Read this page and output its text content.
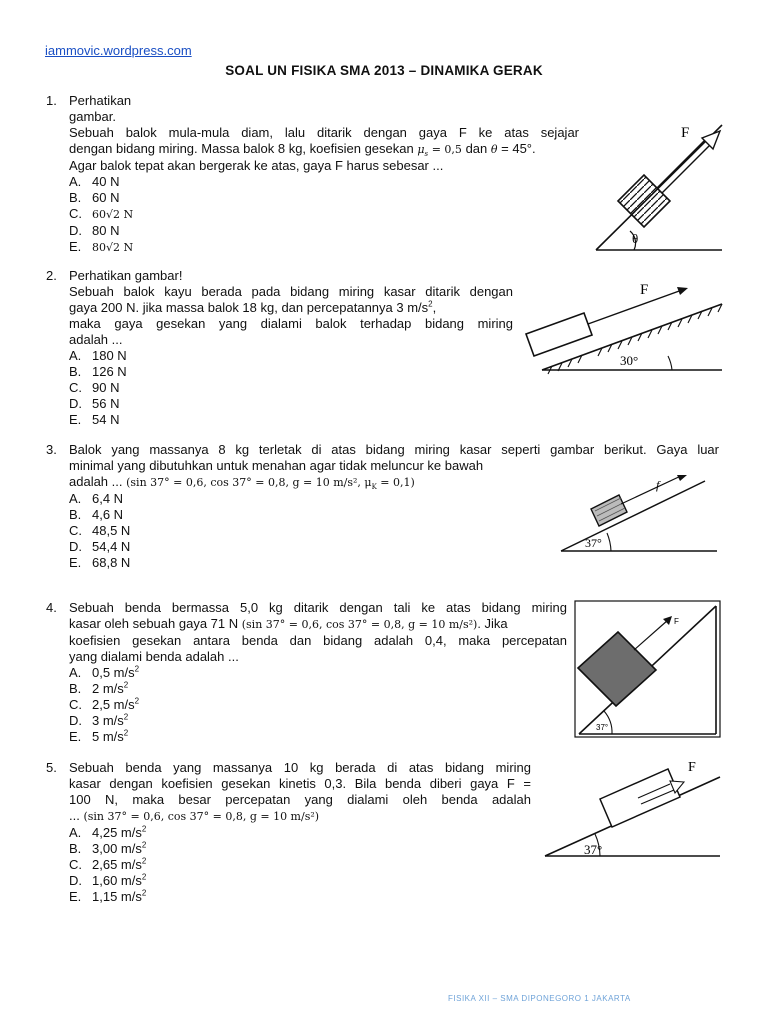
iammovic.wordpress.com
SOAL UN FISIKA SMA 2013 – DINAMIKA GERAK
1. Perhatikan
gambar.
Sebuah balok mula-mula diam, lalu ditarik dengan gaya F ke atas sejajar
dengan bidang miring. Massa balok 8 kg, koefisien gesekan $\mu_s = 0,5$ dan θ = 45°.
Agar balok tepat akan bergerak ke atas, gaya F harus sebesar ...
A. 40 N
B. 60 N
C. 60√2 N
D. 80 N
E. 80√2 N
F
θ
2. Perhatikan gambar!
Sebuah balok kayu berada pada bidang miring kasar ditarik dengan
gaya 200 N. jika massa balok 18 kg, dan percepatannya 3 $m/s^2$,
maka gaya gesekan yang dialami balok terhadap bidang miring
adalah ...
A. 180 N
B. 126 N
C. 90 N
D. 56 N
E. 54 N
F
30°
3. Balok yang massanya 8 kg terletak di atas bidang miring kasar seperti gambar berikut. Gaya luar
minimal yang dibutuhkan untuk menahan agar tidak meluncur ke bawah
adalah ... (sin 37° = 0,6, cos 37° = 0,8, g = 10 m/s², $\mu_K = 0,1$)
A. 6,4 N
B. 4,6 N
C. 48,5 N
D. 54,4 N
E. 68,8 N
f
37°
4. Sebuah benda bermassa 5,0 kg ditarik dengan tali ke atas bidang miring
kasar oleh sebuah gaya 71 N (sin 37° = 0,6, cos 37° = 0,8, g = 10 m/s²). Jika
koefisien gesekan antara benda dan bidang adalah 0,4, maka percepatan
yang dialami benda adalah ...
A. 0,5 $m/s^2$
B. 2 $m/s^2$
C. 2,5 $m/s^2$
D. 3 $m/s^2$
E. 5 $m/s^2$
F
37°
5. Sebuah benda yang massanya 10 kg berada di atas bidang miring
kasar dengan koefisien gesekan kinetis 0,3. Bila benda diberi gaya F =
100 N, maka besar percepatan yang dialami oleh benda adalah
... (sin 37° = 0,6, cos 37° = 0,8, g = 10 m/s²)
A. 4,25 $m/s^2$
B. 3,00 $m/s^2$
C. 2,65 $m/s^2$
D. 1,60 $m/s^2$
E. 1,15 $m/s^2$
F
37°
FISIKA XII – SMA DIPONEGORO 1 JAKARTA
